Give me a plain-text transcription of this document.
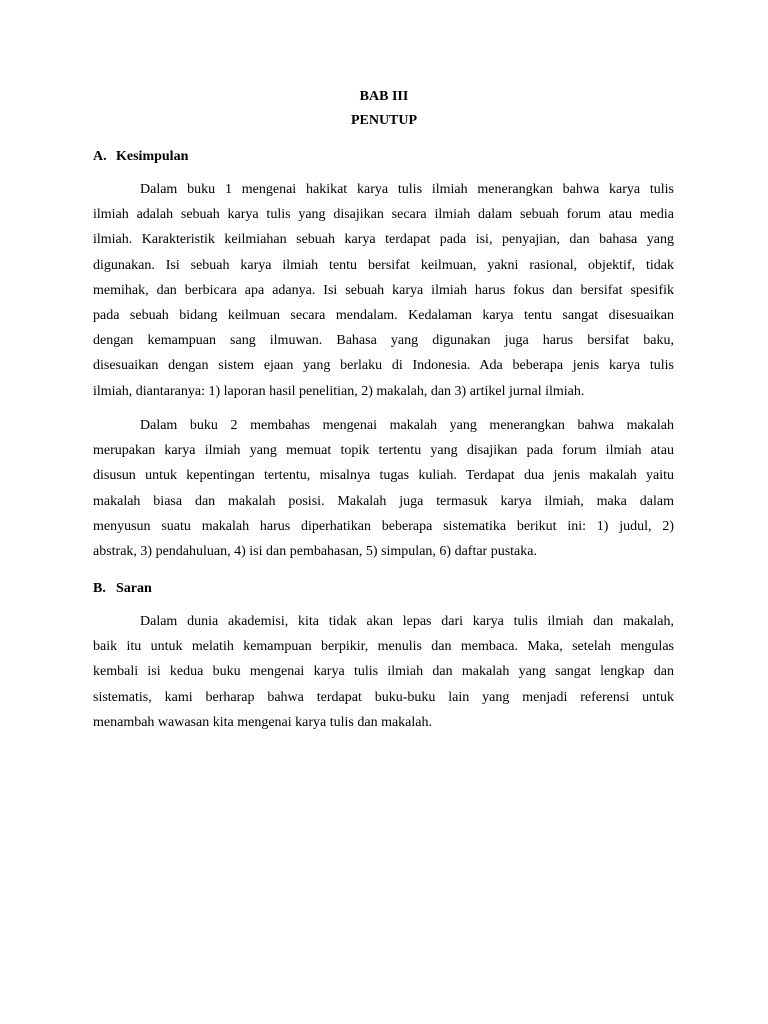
BAB III
PENUTUP
A. Kesimpulan
Dalam buku 1 mengenai hakikat karya tulis ilmiah menerangkan bahwa karya tulis
ilmiah adalah sebuah karya tulis yang disajikan secara ilmiah dalam sebuah forum atau media
ilmiah. Karakteristik keilmiahan sebuah karya terdapat pada isi, penyajian, dan bahasa yang
digunakan. Isi sebuah karya ilmiah tentu bersifat keilmuan, yakni rasional, objektif, tidak
memihak, dan berbicara apa adanya. Isi sebuah karya ilmiah harus fokus dan bersifat spesifik
pada sebuah bidang keilmuan secara mendalam. Kedalaman karya tentu sangat disesuaikan
dengan kemampuan sang ilmuwan. Bahasa yang digunakan juga harus bersifat baku,
disesuaikan dengan sistem ejaan yang berlaku di Indonesia. Ada beberapa jenis karya tulis
ilmiah, diantaranya: 1) laporan hasil penelitian, 2) makalah, dan 3) artikel jurnal ilmiah.
Dalam buku 2 membahas mengenai makalah yang menerangkan bahwa makalah
merupakan karya ilmiah yang memuat topik tertentu yang disajikan pada forum ilmiah atau
disusun untuk kepentingan tertentu, misalnya tugas kuliah. Terdapat dua jenis makalah yaitu
makalah biasa dan makalah posisi. Makalah juga termasuk karya ilmiah, maka dalam
menyusun suatu makalah harus diperhatikan beberapa sistematika berikut ini: 1) judul, 2)
abstrak, 3) pendahuluan, 4) isi dan pembahasan, 5) simpulan, 6) daftar pustaka.
B. Saran
Dalam dunia akademisi, kita tidak akan lepas dari karya tulis ilmiah dan makalah,
baik itu untuk melatih kemampuan berpikir, menulis dan membaca. Maka, setelah mengulas
kembali isi kedua buku mengenai karya tulis ilmiah dan makalah yang sangat lengkap dan
sistematis, kami berharap bahwa terdapat buku-buku lain yang menjadi referensi untuk
menambah wawasan kita mengenai karya tulis dan makalah.
